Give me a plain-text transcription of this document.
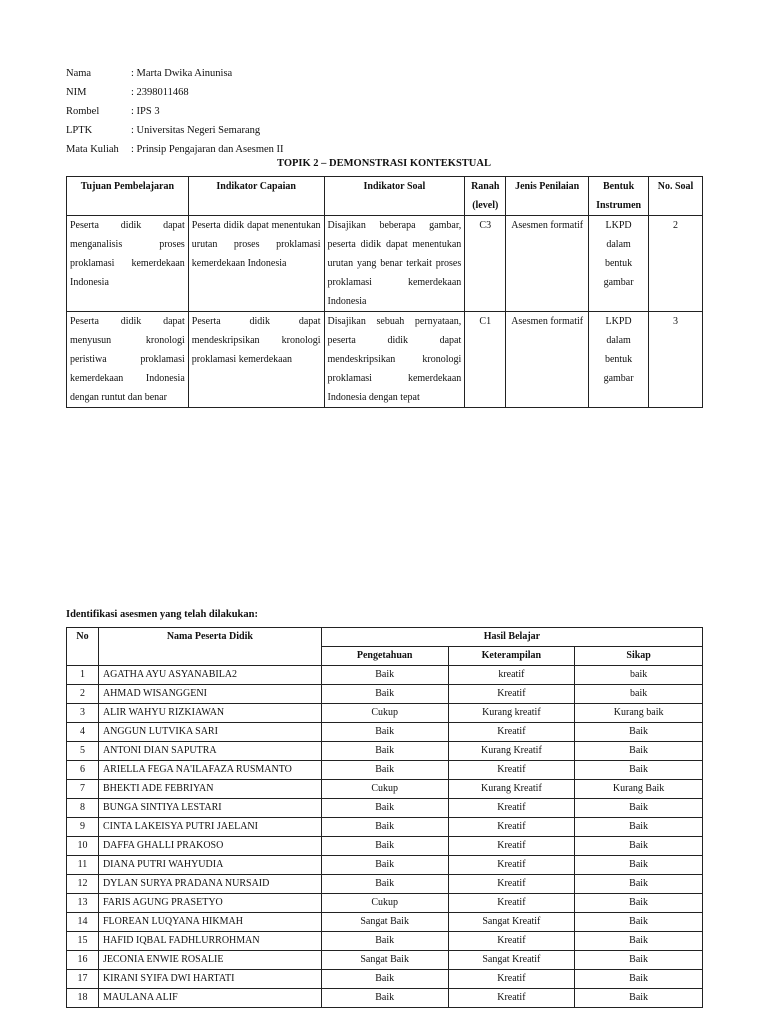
Nama	: Marta Dwika Ainunisa
NIM	: 2398011468
Rombel	: IPS 3
LPTK	: Universitas Negeri Semarang
Mata Kuliah	: Prinsip Pengajaran dan Asesmen II
TOPIK 2 – DEMONSTRASI KONTEKSTUAL
Tujuan Pembelajaran	Indikator Capaian	Indikator Soal	Ranah (level)	Jenis Penilaian	Bentuk Instrumen	No. Soal
Peserta didik dapat menganalisis proses proklamasi kemerdekaan Indonesia	Peserta didik dapat menentukan urutan proses proklamasi kemerdekaan Indonesia	Disajikan beberapa gambar, peserta didik dapat menentukan urutan yang benar terkait proses proklamasi kemerdekaan Indonesia	C3	Asesmen formatif	LKPD dalam bentuk gambar	2
Peserta didik dapat menyusun kronologi peristiwa proklamasi kemerdekaan Indonesia dengan runtut dan benar	Peserta didik dapat mendeskripsikan kronologi proklamasi kemerdekaan	Disajikan sebuah pernyataan, peserta didik dapat mendeskripsikan kronologi proklamasi kemerdekaan Indonesia dengan tepat	C1	Asesmen formatif	LKPD dalam bentuk gambar	3
Identifikasi asesmen yang telah dilakukan:
No	Nama Peserta Didik	Hasil Belajar		
		Pengetahuan	Keterampilan	Sikap
1	AGATHA AYU ASYANABILA2	Baik	kreatif	baik
2	AHMAD WISANGGENI	Baik	Kreatif	baik
3	ALIR WAHYU RIZKIAWAN	Cukup	Kurang kreatif	Kurang baik
4	ANGGUN LUTVIKA SARI	Baik	Kreatif	Baik
5	ANTONI DIAN SAPUTRA	Baik	Kurang Kreatif	Baik
6	ARIELLA FEGA NA'ILAFAZA RUSMANTO	Baik	Kreatif	Baik
7	BHEKTI ADE FEBRIYAN	Cukup	Kurang Kreatif	Kurang Baik
8	BUNGA SINTIYA LESTARI	Baik	Kreatif	Baik
9	CINTA LAKEISYA PUTRI JAELANI	Baik	Kreatif	Baik
10	DAFFA GHALLI PRAKOSO	Baik	Kreatif	Baik
11	DIANA PUTRI WAHYUDIA	Baik	Kreatif	Baik
12	DYLAN SURYA PRADANA NURSAID	Baik	Kreatif	Baik
13	FARIS AGUNG PRASETYO	Cukup	Kreatif	Baik
14	FLOREAN LUQYANA HIKMAH	Sangat Baik	Sangat Kreatif	Baik
15	HAFID IQBAL FADHLURROHMAN	Baik	Kreatif	Baik
16	JECONIA ENWIE ROSALIE	Sangat Baik	Sangat Kreatif	Baik
17	KIRANI SYIFA DWI HARTATI	Baik	Kreatif	Baik
18	MAULANA ALIF	Baik	Kreatif	Baik
